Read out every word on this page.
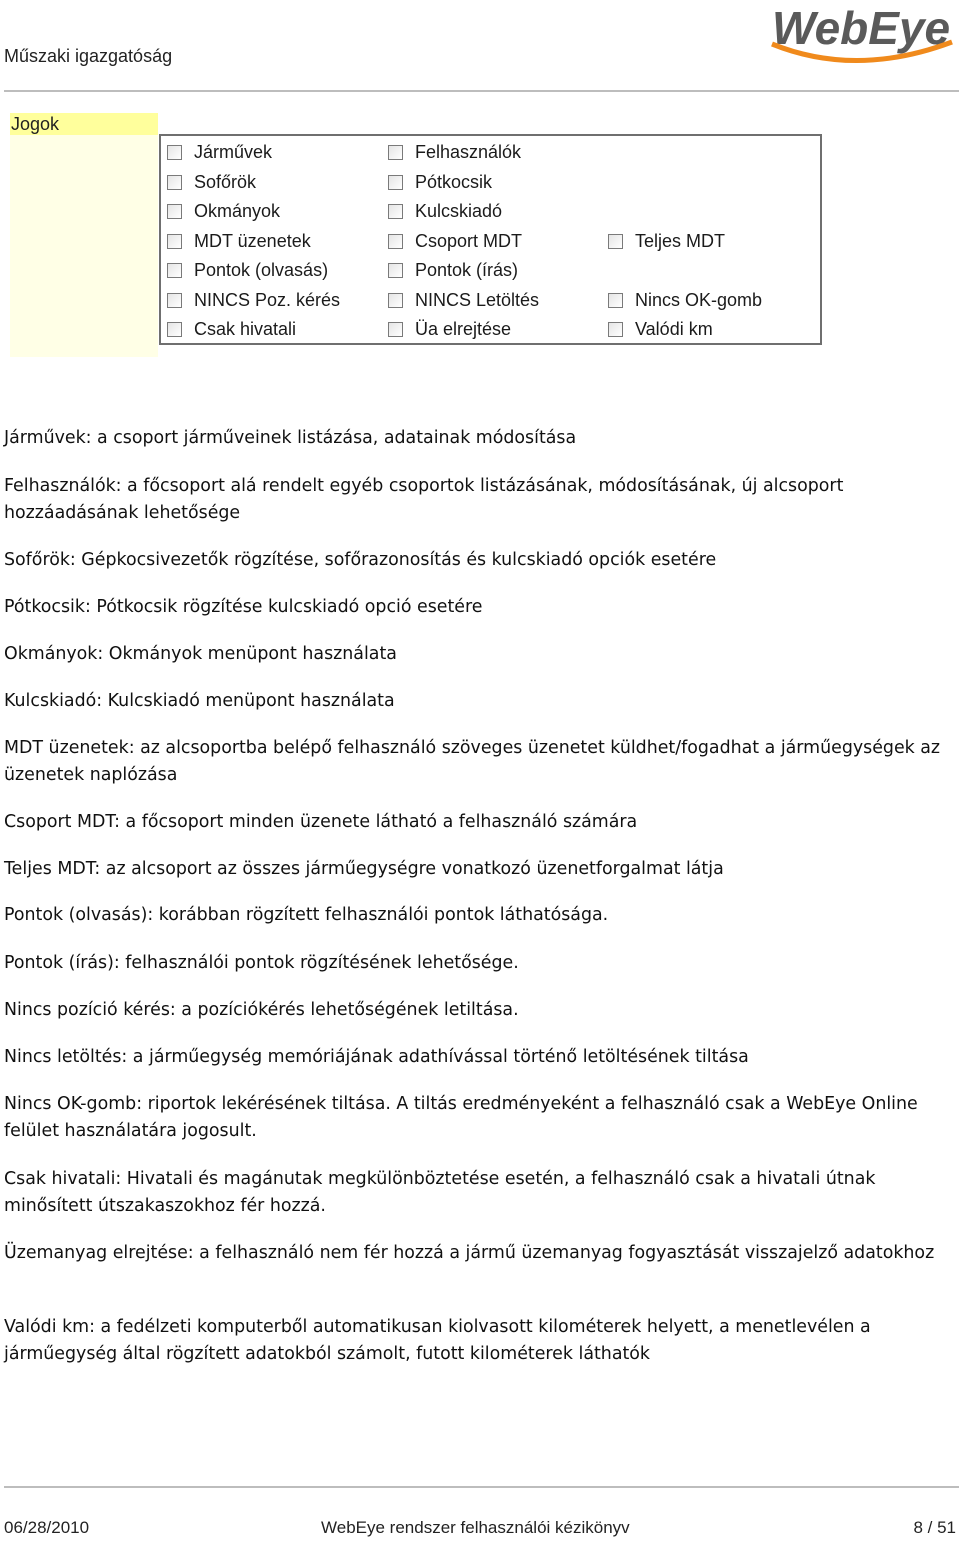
Műszaki igazgatóság
WebEye
Jogok
Járművek
Sofőrök
Okmányok
MDT üzenetek
Pontok (olvasás)
NINCS Poz. kérés
Csak hivatali
Felhasználók
Pótkocsik
Kulcskiadó
Csoport MDT
Pontok (írás)
NINCS Letöltés
Üa elrejtése
Teljes MDT
Nincs OK-gomb
Valódi km
Járművek: a csoport járműveinek listázása, adatainak módosítása
Felhasználók: a főcsoport alá rendelt egyéb csoportok listázásának, módosításának, új alcsoport hozzáadásának lehetősége
Sofőrök: Gépkocsivezetők rögzítése, sofőrazonosítás és kulcskiadó opciók esetére
Pótkocsik: Pótkocsik rögzítése kulcskiadó opció esetére
Okmányok: Okmányok menüpont használata
Kulcskiadó: Kulcskiadó menüpont használata
MDT üzenetek: az alcsoportba belépő felhasználó szöveges üzenetet küldhet/fogadhat a járműegységek az üzenetek naplózása
Csoport MDT: a főcsoport minden üzenete látható a felhasználó számára
Teljes MDT: az alcsoport az összes járműegységre vonatkozó üzenetforgalmat látja
Pontok (olvasás): korábban rögzített felhasználói pontok láthatósága.
Pontok (írás): felhasználói pontok rögzítésének lehetősége.
Nincs pozíció kérés: a pozíciókérés lehetőségének letiltása.
Nincs letöltés: a járműegység memóriájának adathívással történő letöltésének tiltása
Nincs OK-gomb: riportok lekérésének tiltása. A tiltás eredményeként a felhasználó csak a WebEye Online felület használatára jogosult.
Csak hivatali: Hivatali és magánutak megkülönböztetése esetén, a felhasználó csak a hivatali útnak minősített útszakaszokhoz fér hozzá.
Üzemanyag elrejtése: a felhasználó nem fér hozzá a jármű üzemanyag fogyasztását visszajelző adatokhoz
Valódi km: a fedélzeti komputerből automatikusan kiolvasott kilométerek helyett, a menetlevélen a járműegység által rögzített adatokból számolt, futott kilométerek láthatók
06/28/2010	WebEye rendszer felhasználói kézikönyv	8 / 51
